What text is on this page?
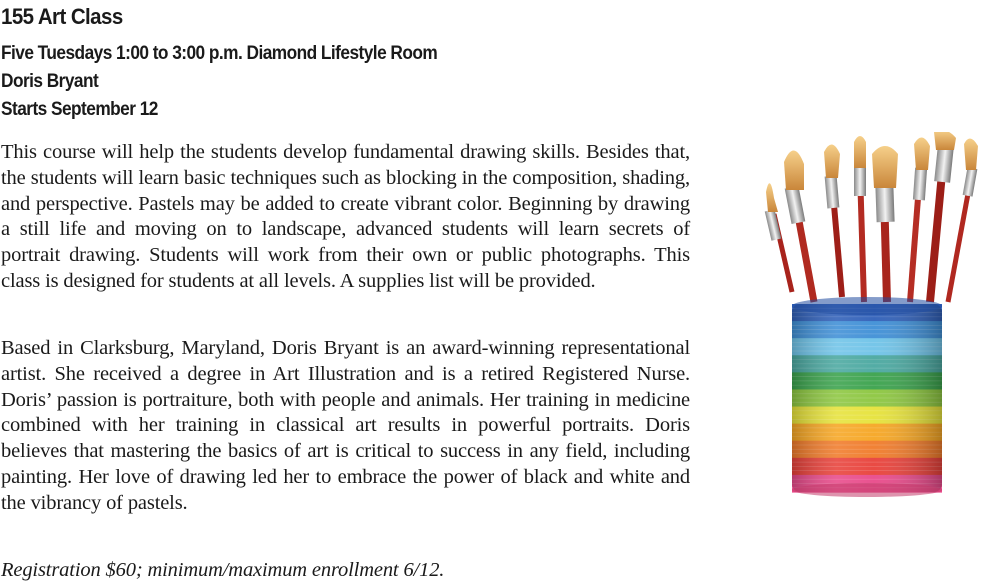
155 Art Class

Five Tuesdays 1:00 to 3:00 p.m. Diamond Lifestyle Room

Doris Bryant

Starts September 12

This course will help the students develop fundamental drawing skills. Besides that, the students will learn basic techniques such as blocking in the composition, shading, and perspective. Pastels may be added to create vibrant color. Beginning by drawing a still life and moving on to landscape, advanced students will learn secrets of portrait drawing. Students will work from their own or public photographs. This class is designed for students at all levels. A supplies list will be provided.

Based in Clarksburg, Maryland, Doris Bryant is an award-winning representational artist. She received a degree in Art Illustration and is a retired Registered Nurse. Doris’ passion is portraiture, both with people and animals. Her training in medicine combined with her training in classical art results in powerful portraits. Doris believes that mastering the basics of art is critical to success in any field, including painting. Her love of drawing led her to embrace the power of black and white and the vibrancy of pastels.

Registration $60; minimum/maximum enrollment 6/12.
